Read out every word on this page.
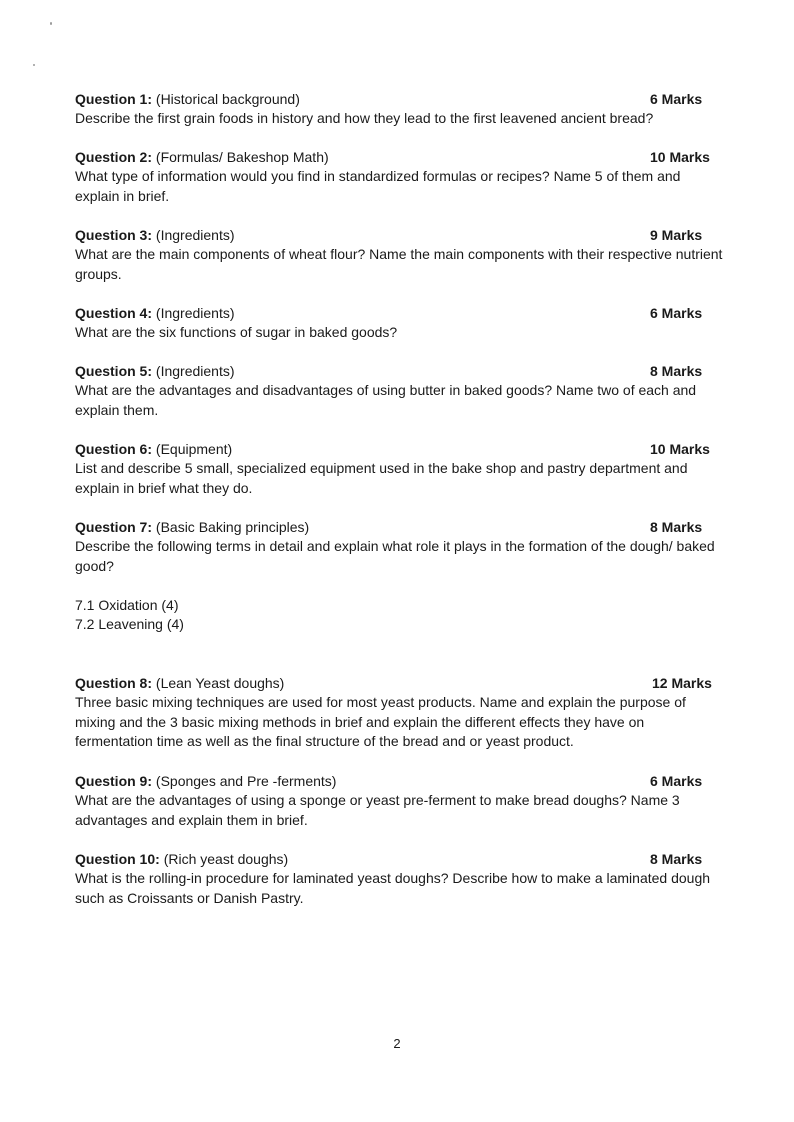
Question 1: (Historical background)	6 Marks

Describe the first grain foods in history and how they lead to the first leavened ancient bread?

Question 2: (Formulas/ Bakeshop Math)	10 Marks

What type of information would you find in standardized formulas or recipes? Name 5 of them and explain in brief.

Question 3: (Ingredients)	9 Marks

What are the main components of wheat flour? Name the main components with their respective nutrient groups.

Question 4: (Ingredients)	6 Marks

What are the six functions of sugar in baked goods?

Question 5: (Ingredients)	8 Marks

What are the advantages and disadvantages of using butter in baked goods? Name two of each and explain them.

Question 6: (Equipment)	10 Marks

List and describe 5 small, specialized equipment used in the bake shop and pastry department and explain in brief what they do.

Question 7: (Basic Baking principles)	8 Marks

Describe the following terms in detail and explain what role it plays in the formation of the dough/ baked good?

7.1 Oxidation (4)

7.2 Leavening (4)

Question 8: (Lean Yeast doughs)	12 Marks

Three basic mixing techniques are used for most yeast products. Name and explain the purpose of mixing and the 3 basic mixing methods in brief and explain the different effects they have on fermentation time as well as the final structure of the bread and or yeast product.

Question 9: (Sponges and Pre -ferments)	6 Marks

What are the advantages of using a sponge or yeast pre-ferment to make bread doughs? Name 3 advantages and explain them in brief.

Question 10: (Rich yeast doughs)	8 Marks

What is the rolling-in procedure for laminated yeast doughs? Describe how to make a laminated dough such as Croissants or Danish Pastry.

2
